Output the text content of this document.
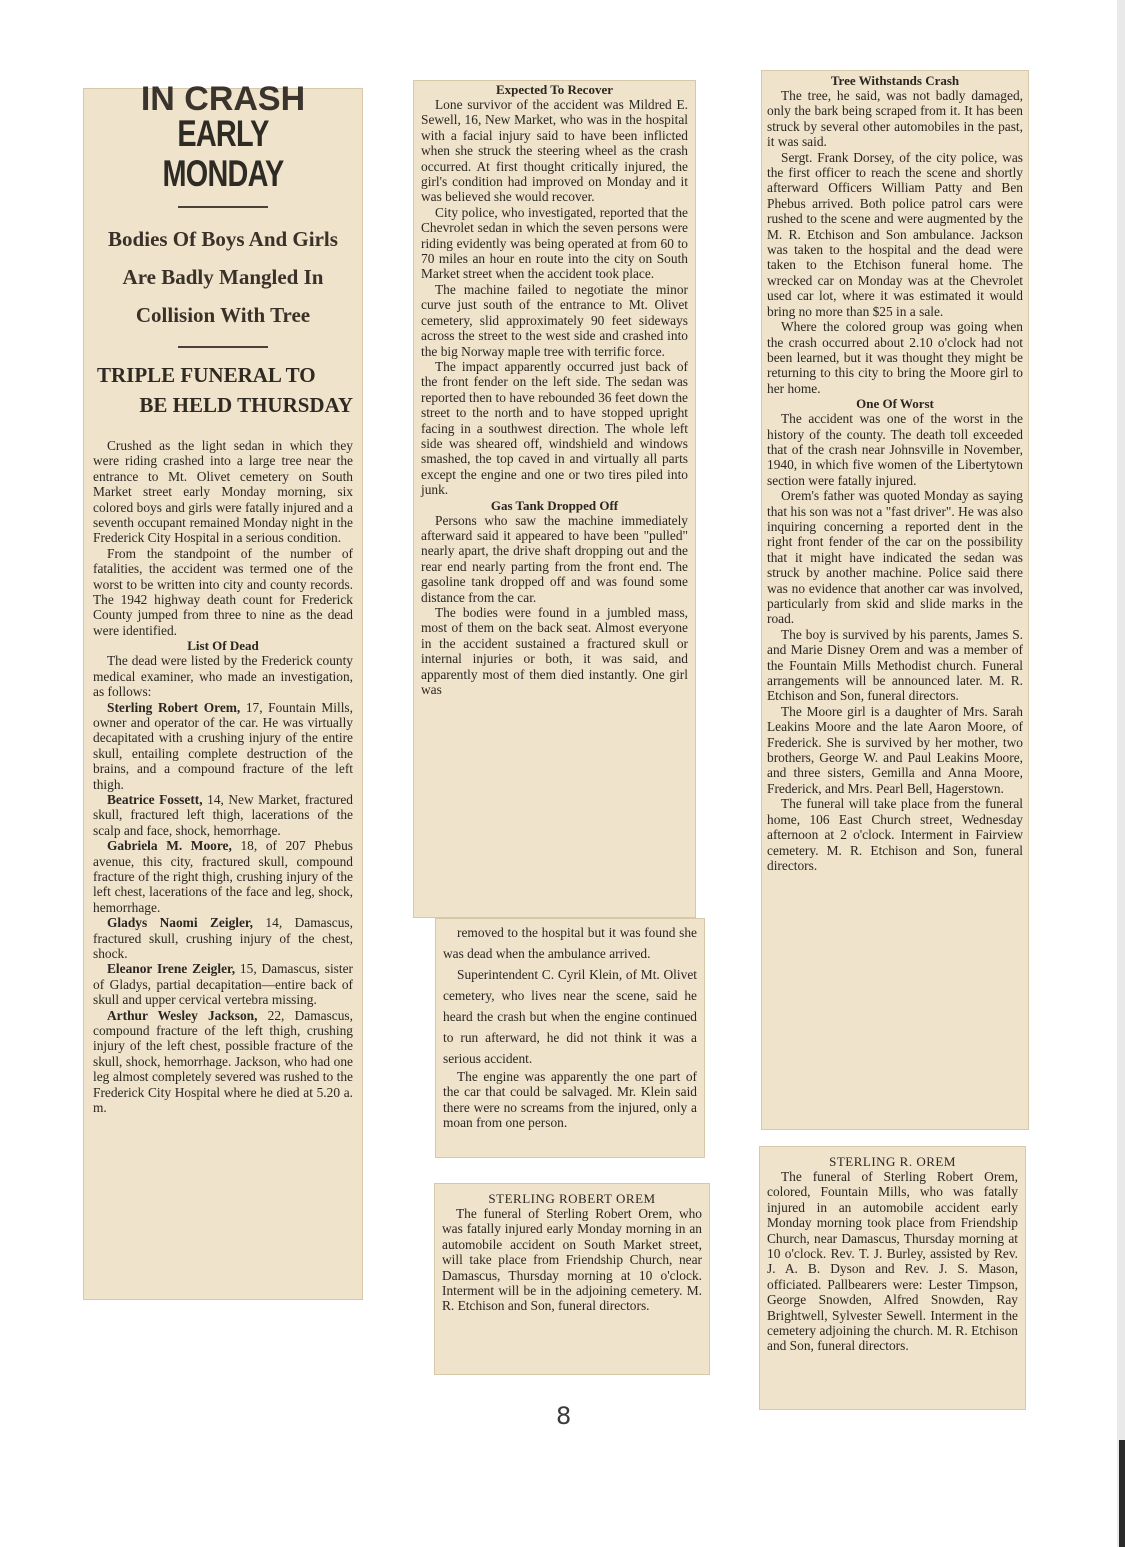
IN CRASH
EARLY MONDAY
Bodies Of Boys And Girls
Are Badly Mangled In
Collision With Tree
TRIPLE FUNERAL TO
BE HELD THURSDAY

Crushed as the light sedan in which they were riding crashed into a large tree near the entrance to Mt. Olivet cemetery on South Market street early Monday morning, six colored boys and girls were fatally injured and a seventh occupant remained Monday night in the Frederick City Hospital in a serious condition.

From the standpoint of the number of fatalities, the accident was termed one of the worst to be written into city and county records. The 1942 highway death count for Frederick County jumped from three to nine as the dead were identified.

List Of Dead

The dead were listed by the Frederick county medical examiner, who made an investigation, as follows:

Sterling Robert Orem, 17, Fountain Mills, owner and operator of the car. He was virtually decapitated with a crushing injury of the entire skull, entailing complete destruction of the brains, and a compound fracture of the left thigh.

Beatrice Fossett, 14, New Market, fractured skull, fractured left thigh, lacerations of the scalp and face, shock, hemorrhage.

Gabriela M. Moore, 18, of 207 Phebus avenue, this city, fractured skull, compound fracture of the right thigh, crushing injury of the left chest, lacerations of the face and leg, shock, hemorrhage.

Gladys Naomi Zeigler, 14, Damascus, fractured skull, crushing injury of the chest, shock.

Eleanor Irene Zeigler, 15, Damascus, sister of Gladys, partial decapitation—entire back of skull and upper cervical vertebra missing.

Arthur Wesley Jackson, 22, Damascus, compound fracture of the left thigh, crushing injury of the left chest, possible fracture of the skull, shock, hemorrhage. Jackson, who had one leg almost completely severed was rushed to the Frederick City Hospital where he died at 5.20 a. m.

Expected To Recover

Lone survivor of the accident was Mildred E. Sewell, 16, New Market, who was in the hospital with a facial injury said to have been inflicted when she struck the steering wheel as the crash occurred. At first thought critically injured, the girl's condition had improved on Monday and it was believed she would recover.

City police, who investigated, reported that the Chevrolet sedan in which the seven persons were riding evidently was being operated at from 60 to 70 miles an hour en route into the city on South Market street when the accident took place.

The machine failed to negotiate the minor curve just south of the entrance to Mt. Olivet cemetery, slid approximately 90 feet sideways across the street to the west side and crashed into the big Norway maple tree with terrific force.

The impact apparently occurred just back of the front fender on the left side. The sedan was reported then to have rebounded 36 feet down the street to the north and to have stopped upright facing in a southwest direction. The whole left side was sheared off, windshield and windows smashed, the top caved in and virtually all parts except the engine and one or two tires piled into junk.

Gas Tank Dropped Off

Persons who saw the machine immediately afterward said it appeared to have been "pulled" nearly apart, the drive shaft dropping out and the rear end nearly parting from the front end. The gasoline tank dropped off and was found some distance from the car.

The bodies were found in a jumbled mass, most of them on the back seat. Almost everyone in the accident sustained a fractured skull or internal injuries or both, it was said, and apparently most of them died instantly. One girl was

removed to the hospital but it was found she was dead when the ambulance arrived.

Superintendent C. Cyril Klein, of Mt. Olivet cemetery, who lives near the scene, said he heard the crash but when the engine continued to run afterward, he did not think it was a serious accident.

The engine was apparently the one part of the car that could be salvaged. Mr. Klein said there were no screams from the injured, only a moan from one person.

Tree Withstands Crash

The tree, he said, was not badly damaged, only the bark being scraped from it. It has been struck by several other automobiles in the past, it was said.

Sergt. Frank Dorsey, of the city police, was the first officer to reach the scene and shortly afterward Officers William Patty and Ben Phebus arrived. Both police patrol cars were rushed to the scene and were augmented by the M. R. Etchison and Son ambulance. Jackson was taken to the hospital and the dead were taken to the Etchison funeral home. The wrecked car on Monday was at the Chevrolet used car lot, where it was estimated it would bring no more than $25 in a sale.

Where the colored group was going when the crash occurred about 2.10 o'clock had not been learned, but it was thought they might be returning to this city to bring the Moore girl to her home.

One Of Worst

The accident was one of the worst in the history of the county. The death toll exceeded that of the crash near Johnsville in November, 1940, in which five women of the Libertytown section were fatally injured.

Orem's father was quoted Monday as saying that his son was not a "fast driver". He was also inquiring concerning a reported dent in the right front fender of the car on the possibility that it might have indicated the sedan was struck by another machine. Police said there was no evidence that another car was involved, particularly from skid and slide marks in the road.

The boy is survived by his parents, James S. and Marie Disney Orem and was a member of the Fountain Mills Methodist church. Funeral arrangements will be announced later. M. R. Etchison and Son, funeral directors.

The Moore girl is a daughter of Mrs. Sarah Leakins Moore and the late Aaron Moore, of Frederick. She is survived by her mother, two brothers, George W. and Paul Leakins Moore, and three sisters, Gemilla and Anna Moore, Frederick, and Mrs. Pearl Bell, Hagerstown.

The funeral will take place from the funeral home, 106 East Church street, Wednesday afternoon at 2 o'clock. Interment in Fairview cemetery. M. R. Etchison and Son, funeral directors.

STERLING ROBERT OREM

The funeral of Sterling Robert Orem, who was fatally injured early Monday morning in an automobile accident on South Market street, will take place from Friendship Church, near Damascus, Thursday morning at 10 o'clock. Interment will be in the adjoining cemetery. M. R. Etchison and Son, funeral directors.

STERLING R. OREM

The funeral of Sterling Robert Orem, colored, Fountain Mills, who was fatally injured in an automobile accident early Monday morning took place from Friendship Church, near Damascus, Thursday morning at 10 o'clock. Rev. T. J. Burley, assisted by Rev. J. A. B. Dyson and Rev. J. S. Mason, officiated. Pallbearers were: Lester Timpson, George Snowden, Alfred Snowden, Ray Brightwell, Sylvester Sewell. Interment in the cemetery adjoining the church. M. R. Etchison and Son, funeral directors.

8
